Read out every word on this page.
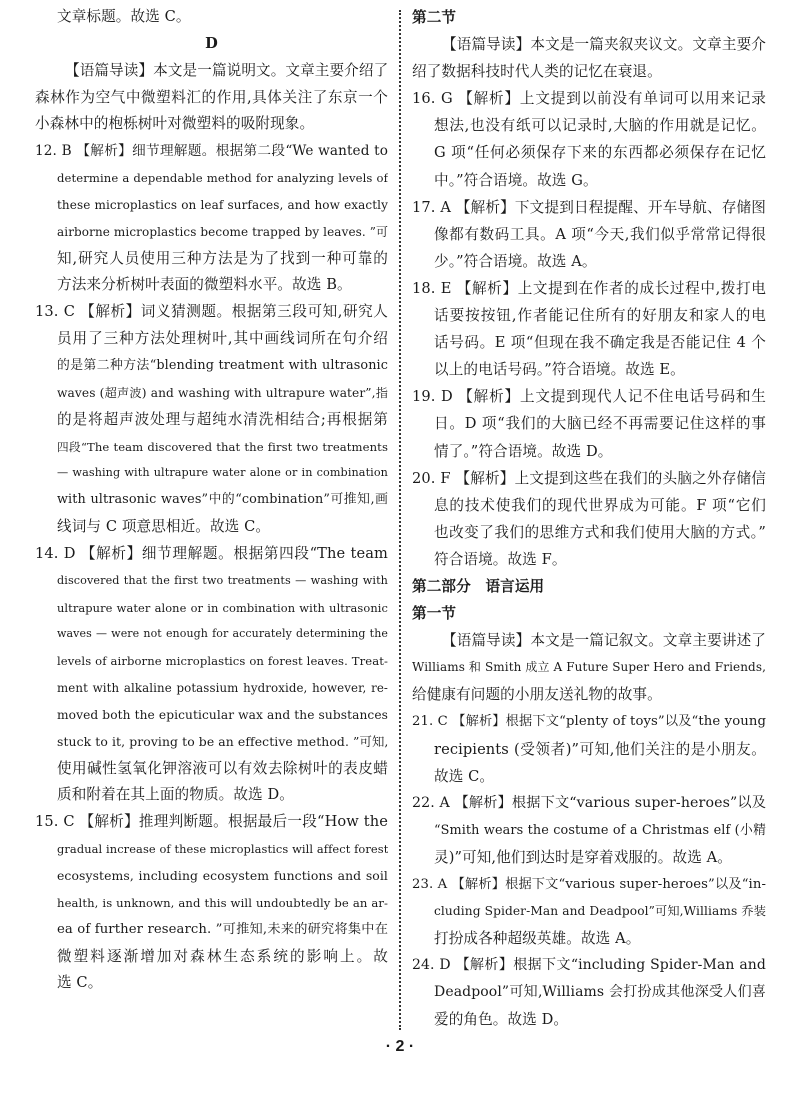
文章标题。故选 C。
D
【语篇导读】本文是一篇说明文。文章主要介绍了
森林作为空气中微塑料汇的作用,具体关注了东京一个
小森林中的枹栎树叶对微塑料的吸附现象。
12. B 【解析】细节理解题。根据第二段“We wanted to
determine a dependable method for analyzing levels of
these microplastics on leaf surfaces, and how exactly
airborne microplastics become trapped by leaves. ”可
知,研究人员使用三种方法是为了找到一种可靠的
方法来分析树叶表面的微塑料水平。故选 B。
13. C 【解析】词义猜测题。根据第三段可知,研究人
员用了三种方法处理树叶,其中画线词所在句介绍
的是第二种方法“blending treatment with ultrasonic
waves (超声波) and washing with ultrapure water”,指
的是将超声波处理与超纯水清洗相结合;再根据第
四段“The team discovered that the first two treatments
— washing with ultrapure water alone or in combination
with ultrasonic waves”中的“combination”可推知,画
线词与 C 项意思相近。故选 C。
14. D 【解析】细节理解题。根据第四段“The team
discovered that the first two treatments — washing with
ultrapure water alone or in combination with ultrasonic
waves — were not enough for accurately determining the
levels of airborne microplastics on forest leaves. Treat-
ment with alkaline potassium hydroxide, however, re-
moved both the epicuticular wax and the substances
stuck to it, proving to be an effective method. ”可知,
使用碱性氢氧化钾溶液可以有效去除树叶的表皮蜡
质和附着在其上面的物质。故选 D。
15. C 【解析】推理判断题。根据最后一段“How the
gradual increase of these microplastics will affect forest
ecosystems, including ecosystem functions and soil
health, is unknown, and this will undoubtedly be an ar-
ea of further research. ”可推知,未来的研究将集中在
微塑料逐渐增加对森林生态系统的影响上。故
选 C。
第二节
【语篇导读】本文是一篇夹叙夹议文。文章主要介
绍了数据科技时代人类的记忆在衰退。
16. G 【解析】上文提到以前没有单词可以用来记录
想法,也没有纸可以记录时,大脑的作用就是记忆。
G 项“任何必须保存下来的东西都必须保存在记忆
中。”符合语境。故选 G。
17. A 【解析】下文提到日程提醒、开车导航、存储图
像都有数码工具。A 项“今天,我们似乎常常记得很
少。”符合语境。故选 A。
18. E 【解析】上文提到在作者的成长过程中,拨打电
话要按按钮,作者能记住所有的好朋友和家人的电
话号码。E 项“但现在我不确定我是否能记住 4 个
以上的电话号码。”符合语境。故选 E。
19. D 【解析】上文提到现代人记不住电话号码和生
日。D 项“我们的大脑已经不再需要记住这样的事
情了。”符合语境。故选 D。
20. F 【解析】上文提到这些在我们的头脑之外存储信
息的技术使我们的现代世界成为可能。F 项“它们
也改变了我们的思维方式和我们使用大脑的方式。”
符合语境。故选 F。
第二部分　语言运用
第一节
【语篇导读】本文是一篇记叙文。文章主要讲述了
Williams 和 Smith 成立 A Future Super Hero and Friends,
给健康有问题的小朋友送礼物的故事。
21. C 【解析】根据下文“plenty of toys”以及“the young
recipients (受领者)”可知,他们关注的是小朋友。
故选 C。
22. A 【解析】根据下文“various super-heroes”以及
“Smith wears the costume of a Christmas elf (小精
灵)”可知,他们到达时是穿着戏服的。故选 A。
23. A 【解析】根据下文“various super-heroes”以及“in-
cluding Spider-Man and Deadpool”可知,Williams 乔装
打扮成各种超级英雄。故选 A。
24. D 【解析】根据下文“including Spider-Man and
Deadpool”可知,Williams 会打扮成其他深受人们喜
爱的角色。故选 D。
· 2 ·
